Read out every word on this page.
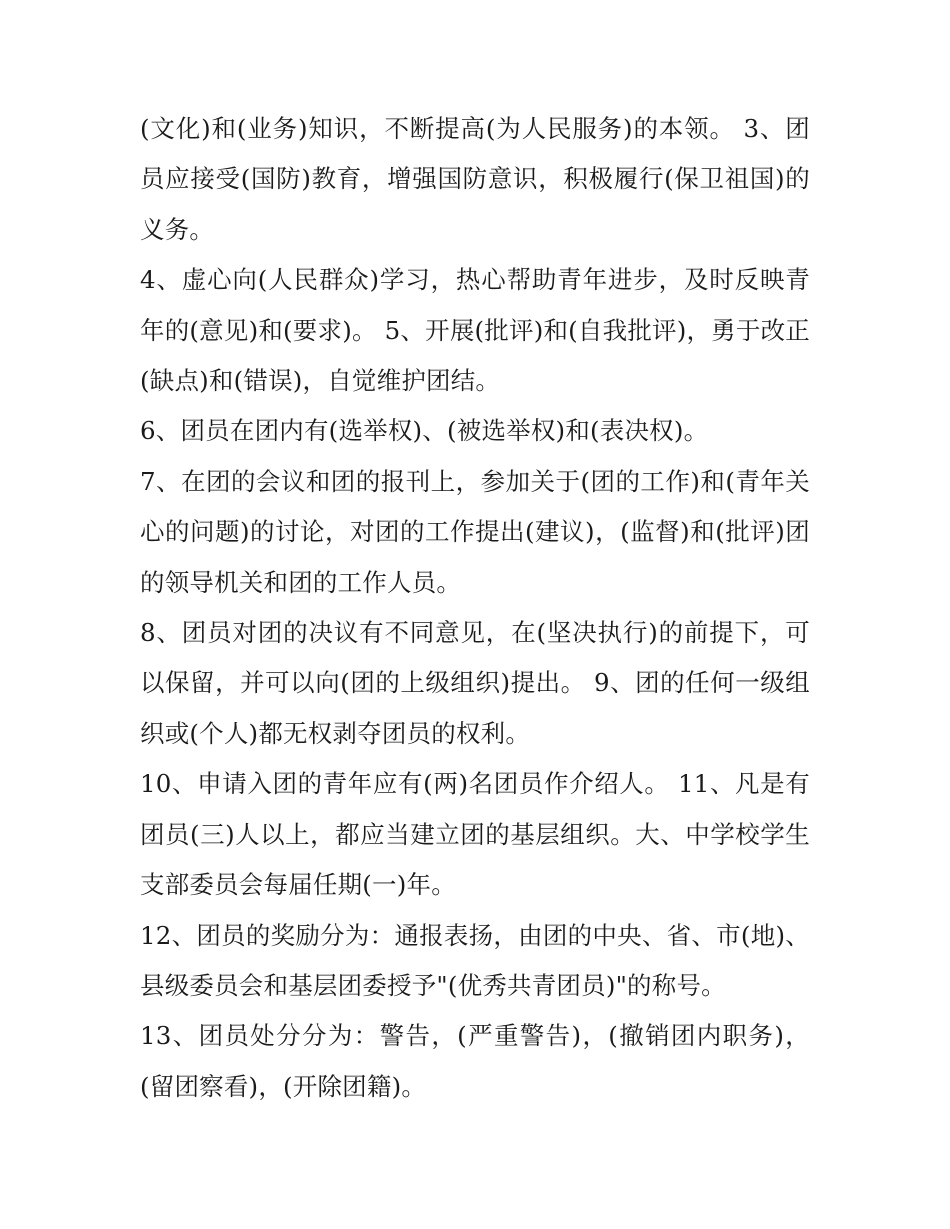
(文化)和(业务)知识，不断提高(为人民服务)的本领。 3、团员应接受(国防)教育，增强国防意识，积极履行(保卫祖国)的义务。

4、虚心向(人民群众)学习，热心帮助青年进步，及时反映青年的(意见)和(要求)。 5、开展(批评)和(自我批评)，勇于改正(缺点)和(错误)，自觉维护团结。

6、团员在团内有(选举权)、(被选举权)和(表决权)。

7、在团的会议和团的报刊上，参加关于(团的工作)和(青年关心的问题)的讨论，对团的工作提出(建议)，(监督)和(批评)团的领导机关和团的工作人员。

8、团员对团的决议有不同意见，在(坚决执行)的前提下，可以保留，并可以向(团的上级组织)提出。 9、团的任何一级组织或(个人)都无权剥夺团员的权利。

10、申请入团的青年应有(两)名团员作介绍人。 11、凡是有团员(三)人以上，都应当建立团的基层组织。大、中学校学生支部委员会每届任期(一)年。

12、团员的奖励分为：通报表扬，由团的中央、省、市(地)、县级委员会和基层团委授予"(优秀共青团员)"的称号。

13、团员处分分为：警告，(严重警告)，(撤销团内职务)，(留团察看)，(开除团籍)。
